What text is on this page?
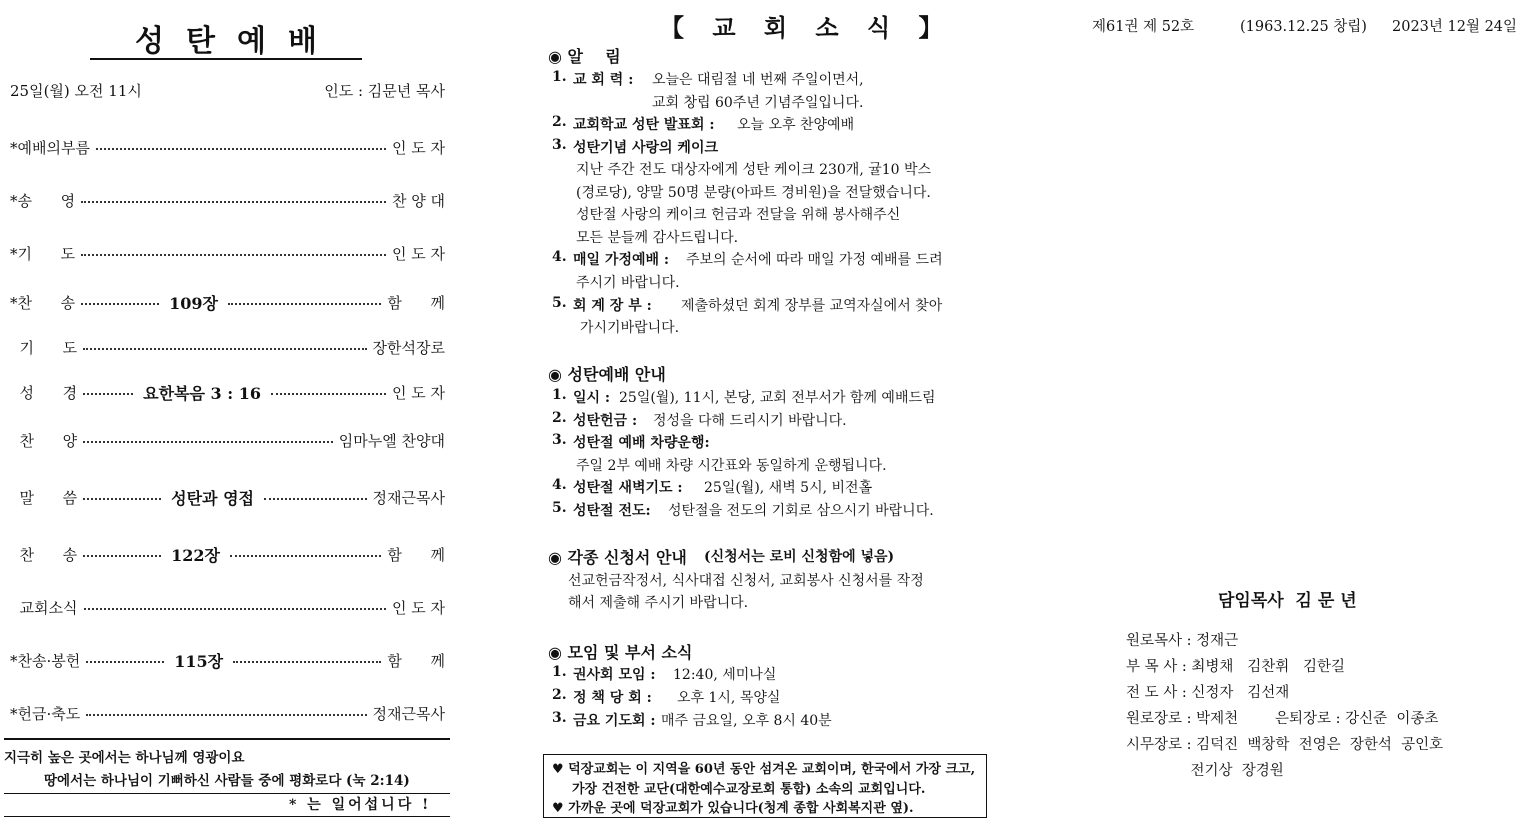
성탄예배
25일(월) 오전 11시	인도 : 김문년 목사
*예배의부름	인 도 자
*송      영	찬 양 대
*기      도	인 도 자
*찬      송	109장	함      께
기      도	장한석장로
성      경	요한복음 3 : 16	인 도 자
찬      양	임마누엘 찬양대
말      씀	성탄과 영접	정재근목사
찬      송	122장	함      께
교회소식	인 도 자
*찬송·봉헌	115장	함      께
*헌금·축도	정재근목사
지극히 높은 곳에서는 하나님께 영광이요
땅에서는 하나님이 기뻐하신 사람들 중에 평화로다 (눅 2:14)
* 는 일어섭니다 !
【 교 회 소 식 】
◉ 알    림
1. 교 회 력 : 오늘은 대림절 네 번째 주일이면서,
교회 창립 60주년 기념주일입니다.
2. 교회학교 성탄 발표회 : 오늘 오후 찬양예배
3. 성탄기념 사랑의 케이크
지난 주간 전도 대상자에게 성탄 케이크 230개, 귤10 박스
(경로당), 양말 50명 분량(아파트 경비원)을 전달했습니다.
성탄절 사랑의 케이크 헌금과 전달을 위해 봉사해주신
모든 분들께 감사드립니다.
4. 매일 가정예배 : 주보의 순서에 따라 매일 가정 예배를 드려
주시기 바랍니다.
5. 회 계 장 부 : 제출하셨던 회계 장부를 교역자실에서 찾아
가시기바랍니다.
◉ 성탄예배 안내
1. 일시 : 25일(월), 11시, 본당, 교회 전부서가 함께 예배드림
2. 성탄헌금 : 정성을 다해 드리시기 바랍니다.
3. 성탄절 예배 차량운행:
주일 2부 예배 차량 시간표와 동일하게 운행됩니다.
4. 성탄절 새벽기도 : 25일(월), 새벽 5시, 비전홀
5. 성탄절 전도: 성탄절을 전도의 기회로 삼으시기 바랍니다.
◉ 각종 신청서 안내 (신청서는 로비 신청함에 넣음)
선교헌금작정서, 식사대접 신청서, 교회봉사 신청서를 작정
해서 제출해 주시기 바랍니다.
◉ 모임 및 부서 소식
1. 권사회 모임 : 12:40, 세미나실
2. 정 책 당 회 : 오후 1시, 목양실
3. 금요 기도회 : 매주 금요일, 오후 8시 40분
♥ 덕장교회는 이 지역을 60년 동안 섬겨온 교회이며, 한국에서 가장 크고,
가장 건전한 교단(대한예수교장로회 통합) 소속의 교회입니다.
♥ 가까운 곳에 덕장교회가 있습니다(청계 종합 사회복지관 옆).
제61권 제 52호	(1963.12.25 창립) 2023년 12월 24일
담임목사  김 문 년
원로목사 : 정재근
부 목 사 : 최병채   김찬휘   김한길
전 도 사 : 신정자   김선재
원로장로 : 박제천        은퇴장로 : 강신준  이종초
시무장로 : 김덕진  백창학  전영은  장한석  공인호
전기상  장경원
